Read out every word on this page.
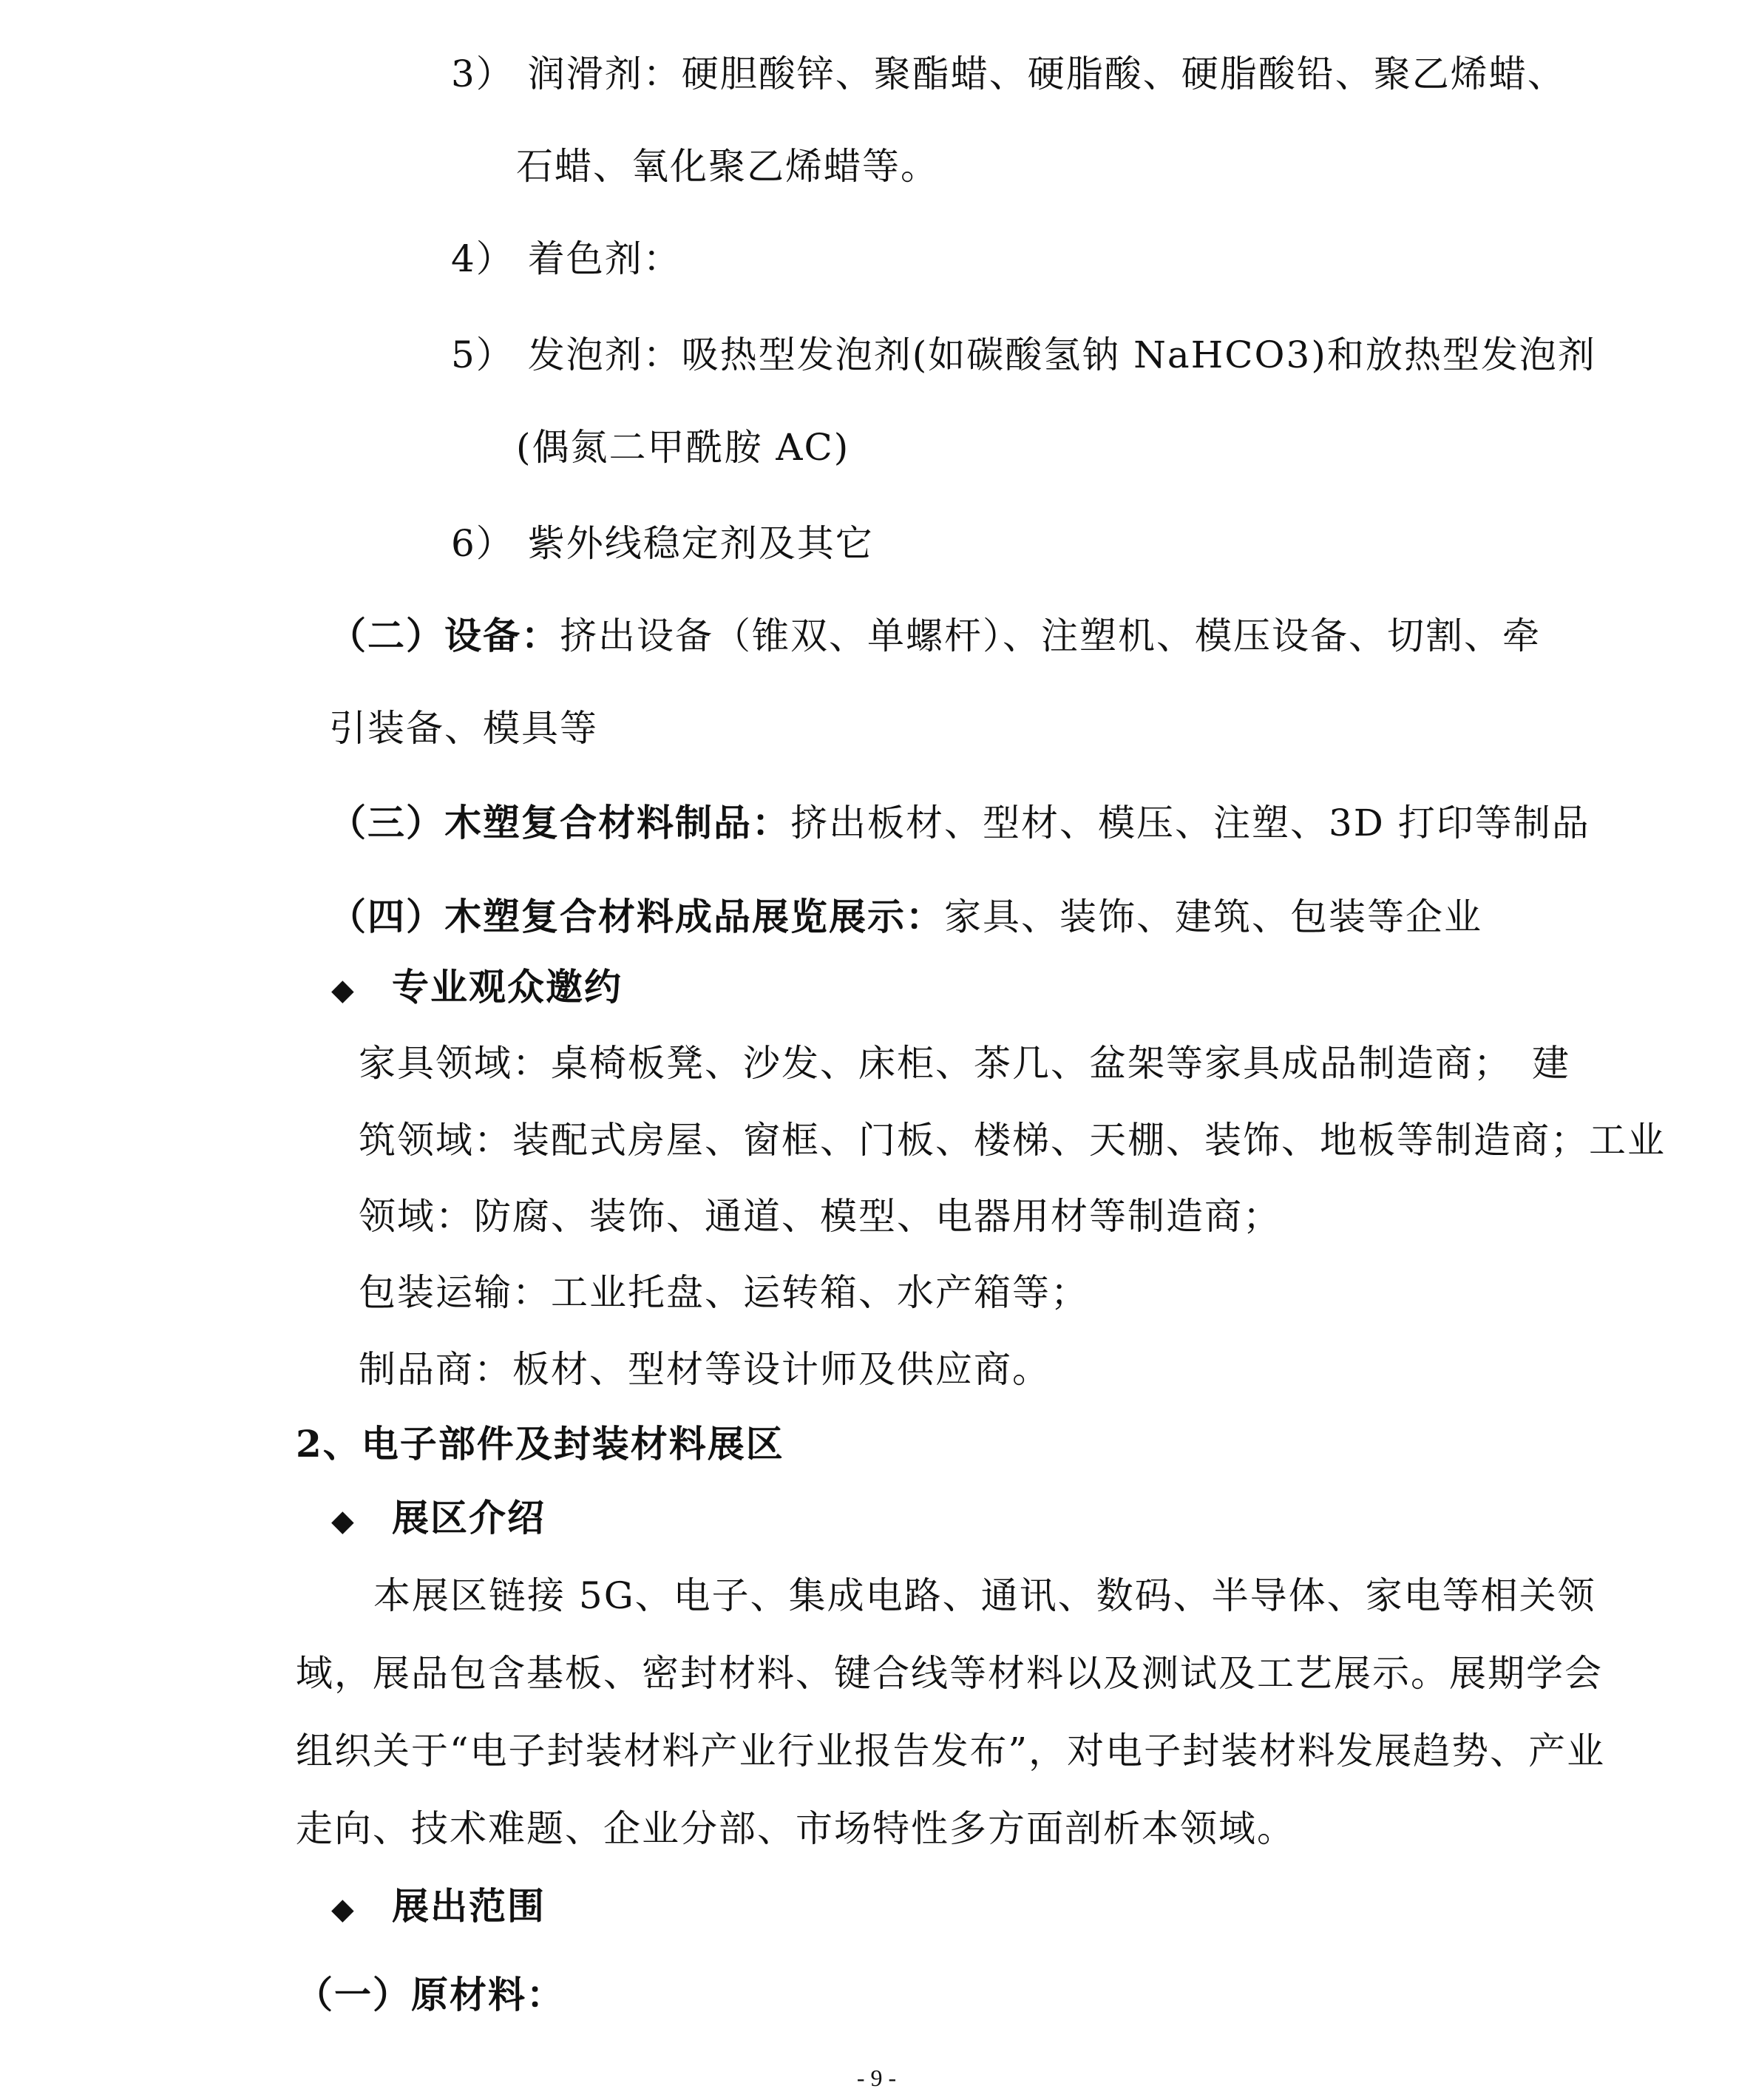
3） 润滑剂：硬胆酸锌、聚酯蜡、硬脂酸、硬脂酸铅、聚乙烯蜡、
石蜡、氧化聚乙烯蜡等。
4） 着色剂：
5） 发泡剂：吸热型发泡剂(如碳酸氢钠 NaHCO3)和放热型发泡剂
(偶氮二甲酰胺 AC)
6） 紫外线稳定剂及其它
（二）设备：挤出设备（锥双、单螺杆）、注塑机、模压设备、切割、牵
引装备、模具等
（三）木塑复合材料制品：挤出板材、型材、模压、注塑、3D 打印等制品
（四）木塑复合材料成品展览展示：家具、装饰、建筑、包装等企业
◆ 专业观众邀约
家具领域：桌椅板凳、沙发、床柜、茶几、盆架等家具成品制造商；　建
筑领域：装配式房屋、窗框、门板、楼梯、天棚、装饰、地板等制造商；工业
领域：防腐、装饰、通道、模型、电器用材等制造商；
包装运输：工业托盘、运转箱、水产箱等；
制品商：板材、型材等设计师及供应商。
2、电子部件及封装材料展区
◆ 展区介绍
本展区链接 5G、电子、集成电路、通讯、数码、半导体、家电等相关领
域，展品包含基板、密封材料、键合线等材料以及测试及工艺展示。展期学会
组织关于“电子封装材料产业行业报告发布”，对电子封装材料发展趋势、产业
走向、技术难题、企业分部、市场特性多方面剖析本领域。
◆ 展出范围
（一）原材料：
- 9 -
